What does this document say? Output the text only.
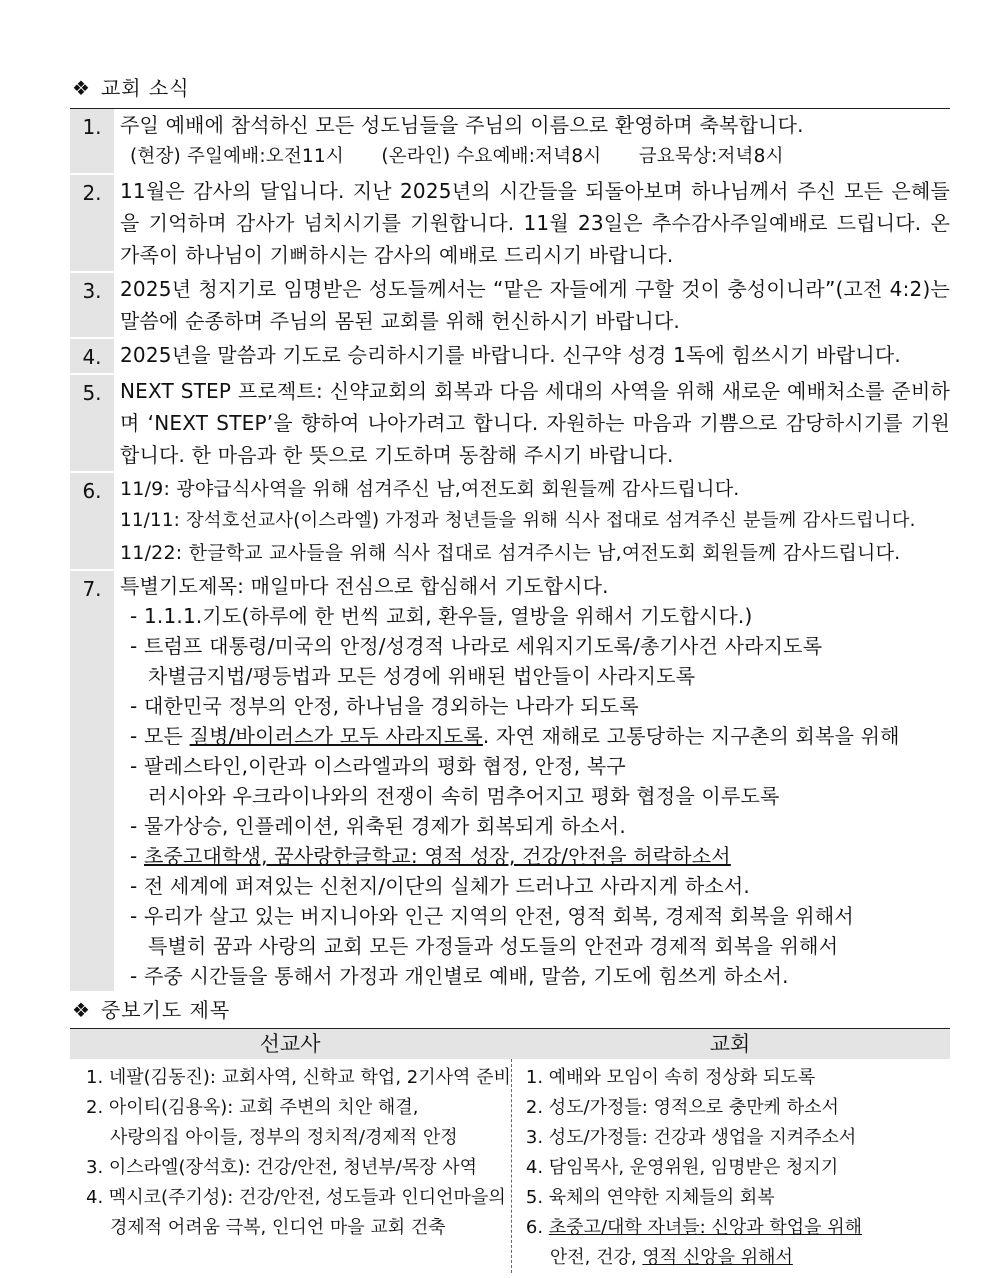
❖ 교회 소식
1. 주일 예배에 참석하신 모든 성도님들을 주님의 이름으로 환영하며 축복합니다.
(현장) 주일예배:오전11시　　(온라인) 수요예배:저녁8시　　금요묵상:저녁8시
2. 11월은 감사의 달입니다. 지난 2025년의 시간들을 되돌아보며 하나님께서 주신 모든 은혜들을 기억하며 감사가 넘치시기를 기원합니다. 11월 23일은 추수감사주일예배로 드립니다. 온 가족이 하나님이 기뻐하시는 감사의 예배로 드리시기 바랍니다.
3. 2025년 청지기로 임명받은 성도들께서는 “맡은 자들에게 구할 것이 충성이니라”(고전 4:2)는 말씀에 순종하며 주님의 몸된 교회를 위해 헌신하시기 바랍니다.
4. 2025년을 말씀과 기도로 승리하시기를 바랍니다. 신구약 성경 1독에 힘쓰시기 바랍니다.
5. NEXT STEP 프로젝트: 신약교회의 회복과 다음 세대의 사역을 위해 새로운 예배처소를 준비하며 ‘NEXT STEP’을 향하여 나아가려고 합니다. 자원하는 마음과 기쁨으로 감당하시기를 기원합니다. 한 마음과 한 뜻으로 기도하며 동참해 주시기 바랍니다.
6. 11/9: 광야급식사역을 위해 섬겨주신 남,여전도회 회원들께 감사드립니다.
11/11: 장석호선교사(이스라엘) 가정과 청년들을 위해 식사 접대로 섬겨주신 분들께 감사드립니다.
11/22: 한글학교 교사들을 위해 식사 접대로 섬겨주시는 남,여전도회 회원들께 감사드립니다.
7. 특별기도제목: 매일마다 전심으로 합심해서 기도합시다.
- 1.1.1.기도(하루에 한 번씩 교회, 환우들, 열방을 위해서 기도합시다.)
- 트럼프 대통령/미국의 안정/성경적 나라로 세워지기도록/총기사건 사라지도록
차별금지법/평등법과 모든 성경에 위배된 법안들이 사라지도록
- 대한민국 정부의 안정, 하나님을 경외하는 나라가 되도록
- 모든 질병/바이러스가 모두 사라지도록. 자연 재해로 고통당하는 지구촌의 회복을 위해
- 팔레스타인,이란과 이스라엘과의 평화 협정, 안정, 복구
러시아와 우크라이나와의 전쟁이 속히 멈추어지고 평화 협정을 이루도록
- 물가상승, 인플레이션, 위축된 경제가 회복되게 하소서.
- 초중고대학생, 꿈사랑한글학교: 영적 성장, 건강/안전을 허락하소서
- 전 세계에 퍼져있는 신천지/이단의 실체가 드러나고 사라지게 하소서.
- 우리가 살고 있는 버지니아와 인근 지역의 안전, 영적 회복, 경제적 회복을 위해서
특별히 꿈과 사랑의 교회 모든 가정들과 성도들의 안전과 경제적 회복을 위해서
- 주중 시간들을 통해서 가정과 개인별로 예배, 말씀, 기도에 힘쓰게 하소서.
❖ 중보기도 제목
선교사	교회
1. 네팔(김동진): 교회사역, 신학교 학업, 2기사역 준비
2. 아이티(김용옥): 교회 주변의 치안 해결,
사랑의집 아이들, 정부의 정치적/경제적 안정
3. 이스라엘(장석호): 건강/안전, 청년부/목장 사역
4. 멕시코(주기성): 건강/안전, 성도들과 인디언마을의
경제적 어려움 극복, 인디언 마을 교회 건축
1. 예배와 모임이 속히 정상화 되도록
2. 성도/가정들: 영적으로 충만케 하소서
3. 성도/가정들: 건강과 생업을 지켜주소서
4. 담임목사, 운영위원, 임명받은 청지기
5. 육체의 연약한 지체들의 회복
6. 초중고/대학 자녀들: 신앙과 학업을 위해
안전, 건강, 영적 신앙을 위해서
